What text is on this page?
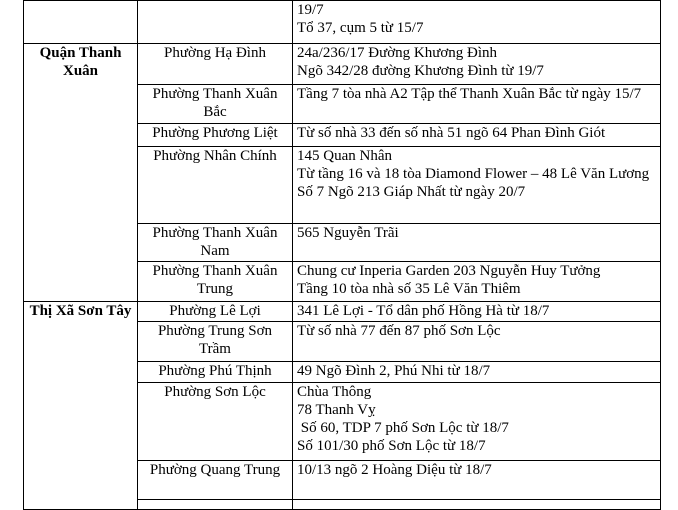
		19/7
Tổ 37, cụm 5 từ 15/7

Quận Thanh Xuân	Phường Hạ Đình	24a/236/17 Đường Khương Đình
Ngõ 342/28 đường Khương Đình từ 19/7

	Phường Thanh Xuân Bắc	Tầng 7 tòa nhà A2 Tập thể Thanh Xuân Bắc từ ngày 15/7
	Phường Phương Liệt	Từ số nhà 33 đến số nhà 51 ngõ 64 Phan Đình Giót

	Phường Nhân Chính	145 Quan Nhân
Từ tầng 16 và 18 tòa Diamond Flower – 48 Lê Văn Lương
Số 7 Ngõ 213 Giáp Nhất từ ngày 20/7

	Phường Thanh Xuân Nam	565 Nguyễn Trãi

	Phường Thanh Xuân Trung	Chung cư Inperia Garden 203 Nguyễn Huy Tưởng
Tầng 10 tòa nhà số 35 Lê Văn Thiêm

Thị Xã Sơn Tây	Phường Lê Lợi	341 Lê Lợi - Tổ dân phố Hồng Hà từ 18/7

	Phường Trung Sơn Trầm	Từ số nhà 77 đến 87 phố Sơn Lộc

	Phường Phú Thịnh	49 Ngõ Đình 2, Phú Nhi từ 18/7

	Phường Sơn Lộc	Chùa Thông
78 Thanh Vỵ
Số 60, TDP 7 phố Sơn Lộc từ 18/7
Số 101/30 phố Sơn Lộc từ 18/7

	Phường Quang Trung	10/13 ngõ 2 Hoàng Diệu từ 18/7
